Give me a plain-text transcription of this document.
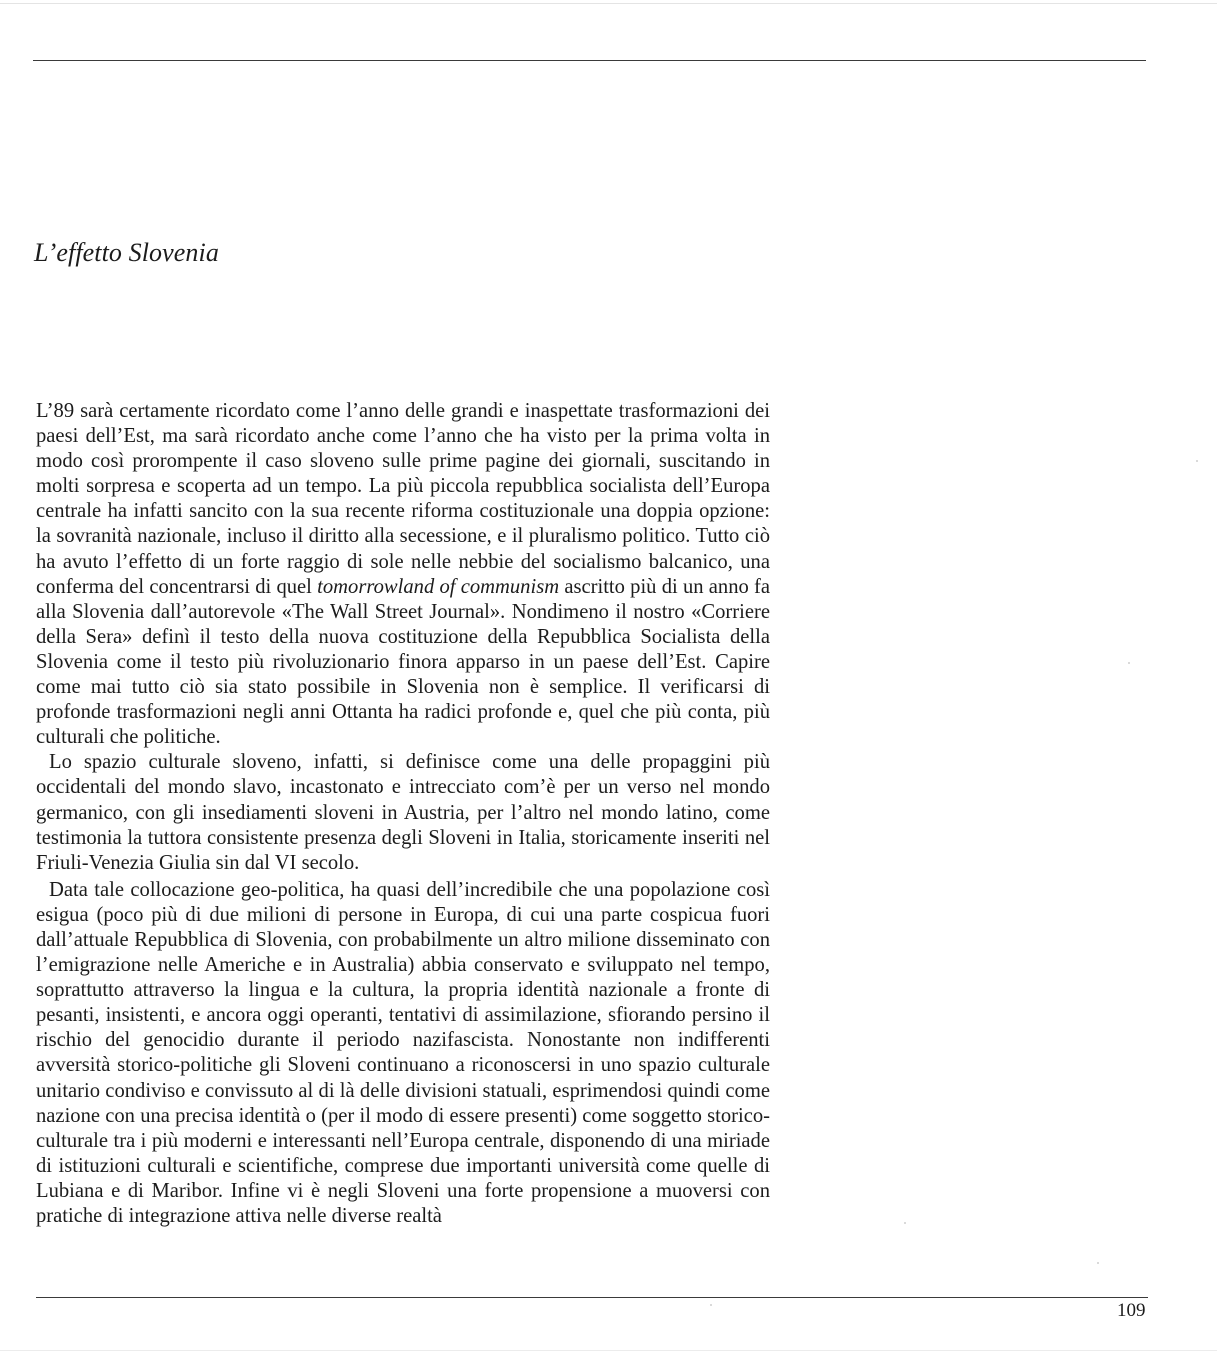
L’effetto Slovenia

L’89 sarà certamente ricordato come l’anno delle grandi e inaspettate trasformazioni dei paesi dell’Est, ma sarà ricordato anche come l’anno che ha visto per la prima volta in modo così prorompente il caso sloveno sulle prime pagine dei giornali, suscitando in molti sorpresa e scoperta ad un tempo. La più piccola repubblica socialista dell’Europa centrale ha infatti sancito con la sua recente riforma costituzionale una doppia opzione: la sovranità nazionale, incluso il diritto alla secessione, e il pluralismo politico. Tutto ciò ha avuto l’effetto di un forte raggio di sole nelle nebbie del socialismo balcanico, una conferma del concentrarsi di quel tomorrowland of communism ascritto più di un anno fa alla Slovenia dall’autorevole «The Wall Street Journal». Nondimeno il nostro «Corriere della Sera» definì il testo della nuova costituzione della Repubblica Socialista della Slovenia come il testo più rivoluzionario finora apparso in un paese dell’Est. Capire come mai tutto ciò sia stato possibile in Slovenia non è semplice. Il verificarsi di profonde trasformazioni negli anni Ottanta ha radici profonde e, quel che più conta, più culturali che politiche.

Lo spazio culturale sloveno, infatti, si definisce come una delle propaggini più occidentali del mondo slavo, incastonato e intrecciato com’è per un verso nel mondo germanico, con gli insediamenti sloveni in Austria, per l’altro nel mondo latino, come testimonia la tuttora consistente presenza degli Sloveni in Italia, storicamente inseriti nel Friuli-Venezia Giulia sin dal VI secolo.

Data tale collocazione geo-politica, ha quasi dell’incredibile che una popolazione così esigua (poco più di due milioni di persone in Europa, di cui una parte cospicua fuori dall’attuale Repubblica di Slovenia, con probabilmente un altro milione disseminato con l’emigrazione nelle Americhe e in Australia) abbia conservato e sviluppato nel tempo, soprattutto attraverso la lingua e la cultura, la propria identità nazionale a fronte di pesanti, insistenti, e ancora oggi operanti, tentativi di assimilazione, sfiorando persino il rischio del genocidio durante il periodo nazifascista. Nonostante non indifferenti avversità storico-politiche gli Sloveni continuano a riconoscersi in uno spazio culturale unitario condiviso e convissuto al di là delle divisioni statuali, esprimendosi quindi come nazione con una precisa identità o (per il modo di essere presenti) come soggetto storico-culturale tra i più moderni e interessanti nell’Europa centrale, disponendo di una miriade di istituzioni culturali e scientifiche, comprese due importanti università come quelle di Lubiana e di Maribor. Infine vi è negli Sloveni una forte propensione a muoversi con pratiche di integrazione attiva nelle diverse realtà

109
